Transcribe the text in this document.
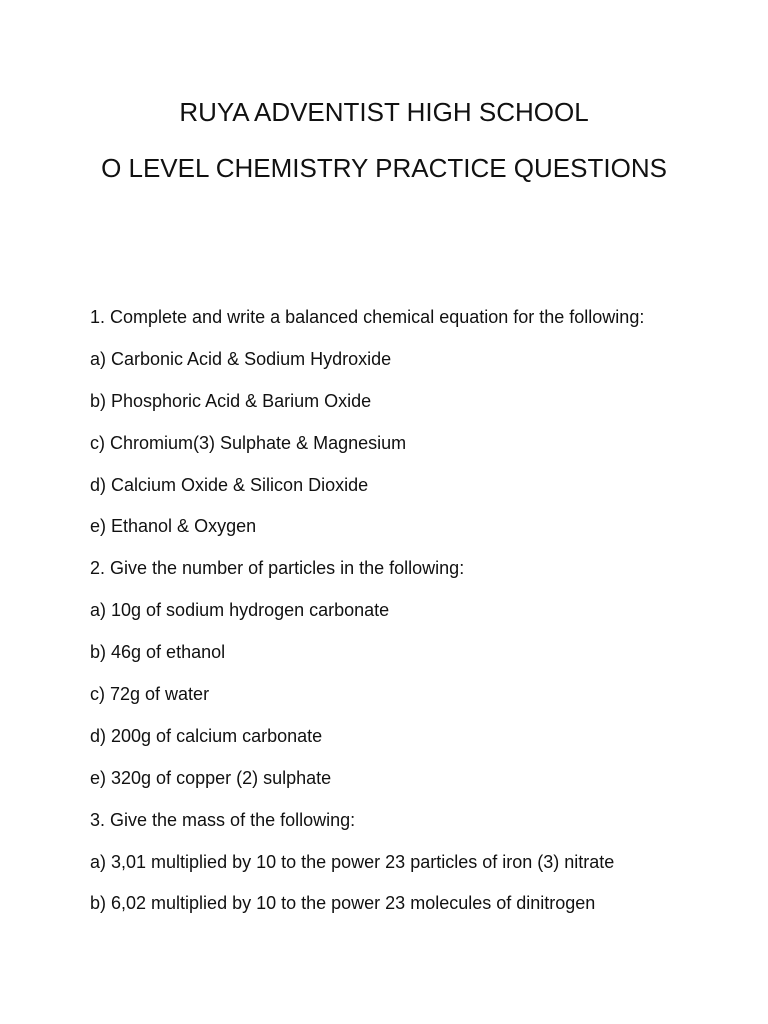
RUYA ADVENTIST HIGH SCHOOL
O LEVEL CHEMISTRY PRACTICE QUESTIONS
1. Complete and write a balanced chemical equation for the following:
a) Carbonic Acid & Sodium Hydroxide
b) Phosphoric Acid & Barium Oxide
c) Chromium(3) Sulphate & Magnesium
d) Calcium Oxide & Silicon Dioxide
e) Ethanol & Oxygen
2. Give the number of particles in the following:
a) 10g of sodium hydrogen carbonate
b) 46g of ethanol
c) 72g of water
d) 200g of calcium carbonate
e) 320g of copper (2) sulphate
3. Give the mass of the following:
a) 3,01 multiplied by 10 to the power 23 particles of iron (3) nitrate
b) 6,02 multiplied by 10 to the power 23 molecules of dinitrogen
